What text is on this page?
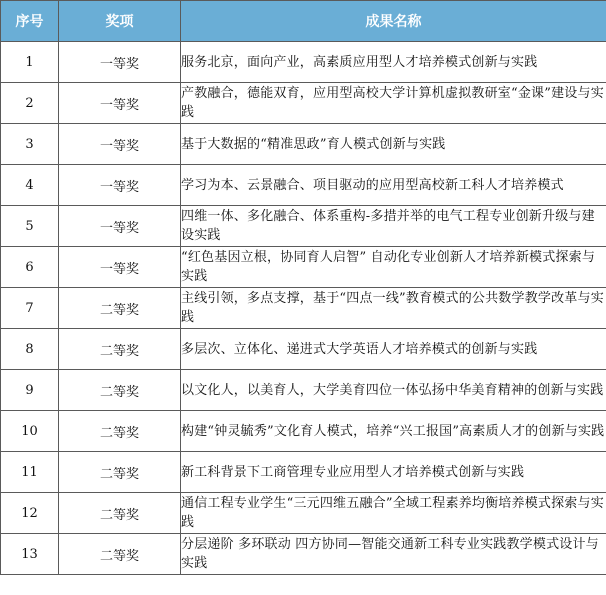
序号	奖项	成果名称
1	一等奖	服务北京，面向产业，高素质应用型人才培养模式创新与实践
2	一等奖	产教融合，德能双育，应用型高校大学计算机虚拟教研室“金课”建设与实践
3	一等奖	基于大数据的“精准思政”育人模式创新与实践
4	一等奖	学习为本、云景融合、项目驱动的应用型高校新工科人才培养模式
5	一等奖	四维一体、多化融合、体系重构-多措并举的电气工程专业创新升级与建设实践
6	一等奖	“红色基因立根，协同育人启智” 自动化专业创新人才培养新模式探索与实践
7	二等奖	主线引领，多点支撑，基于“四点一线”教育模式的公共数学教学改革与实践
8	二等奖	多层次、立体化、递进式大学英语人才培养模式的创新与实践
9	二等奖	以文化人，以美育人，大学美育四位一体弘扬中华美育精神的创新与实践
10	二等奖	构建“钟灵毓秀”文化育人模式，培养“兴工报国”高素质人才的创新与实践
11	二等奖	新工科背景下工商管理专业应用型人才培养模式创新与实践
12	二等奖	通信工程专业学生“三元四维五融合”全域工程素养均衡培养模式探索与实践
13	二等奖	分层递阶 多环联动 四方协同—智能交通新工科专业实践教学模式设计与实践
